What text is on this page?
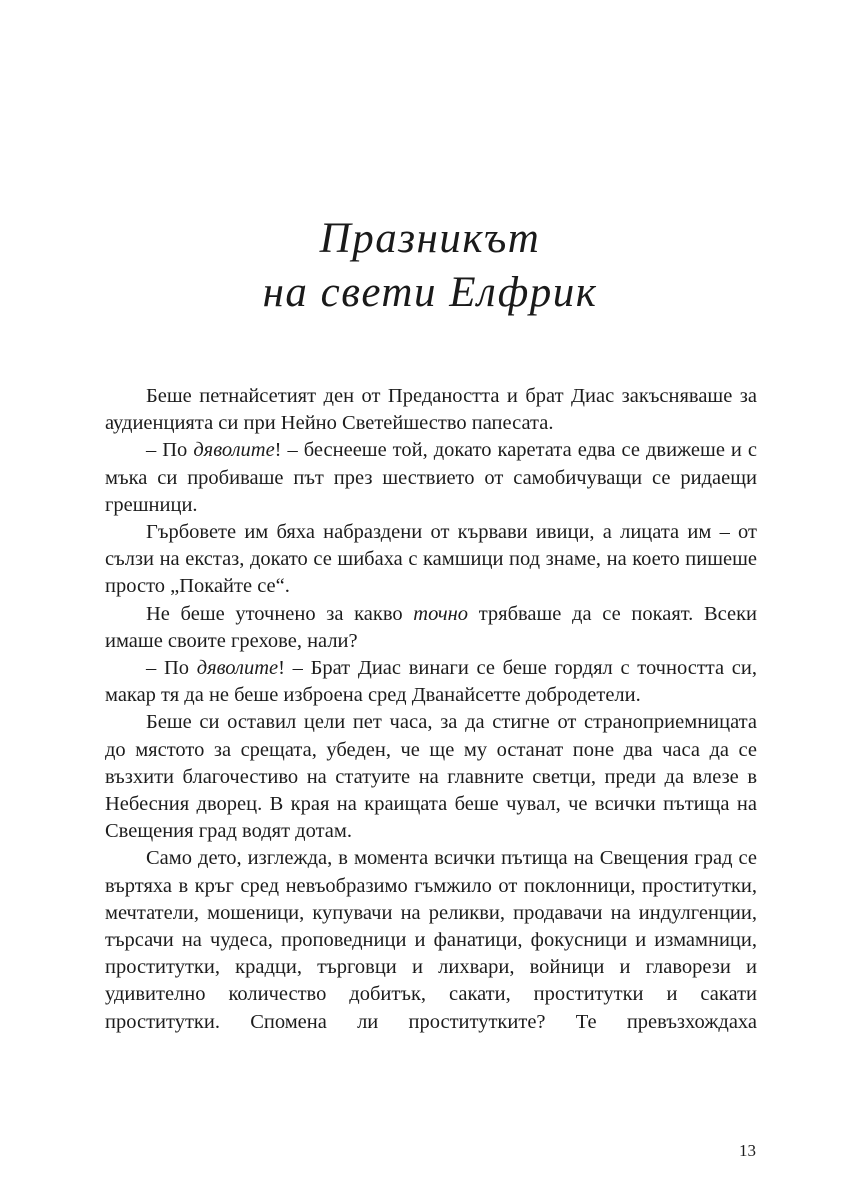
Празникът
на свети Елфрик

Беше петнайсетият ден от Предаността и брат Диас закъсняваше за аудиенцията си при Нейно Светейшество папесата.

– По дяволите! – беснееше той, докато каретата едва се движеше и с мъка си пробиваше път през шествието от самобичуващи се ридаещи грешници.

Гърбовете им бяха набраздени от кървави ивици, а лицата им – от сълзи на екстаз, докато се шибаха с камшици под знаме, на което пишеше просто „Покайте се“.

Не беше уточнено за какво точно трябваше да се покаят. Всеки имаше своите грехове, нали?

– По дяволите! – Брат Диас винаги се беше гордял с точността си, макар тя да не беше изброена сред Дванайсетте добродетели.

Беше си оставил цели пет часа, за да стигне от страноприемницата до мястото за срещата, убеден, че ще му останат поне два часа да се възхити благочестиво на статуите на главните светци, преди да влезе в Небесния дворец. В края на краищата беше чувал, че всички пътища на Свещения град водят дотам.

Само дето, изглежда, в момента всички пътища на Свещения град се въртяха в кръг сред невъобразимо гъмжило от поклонници, проститутки, мечтатели, мошеници, купувачи на реликви, продавачи на индулгенции, търсачи на чудеса, проповедници и фанатици, фокусници и измамници, проститутки, крадци, търговци и лихвари, войници и главорези и удивително количество добитък, сакати, проститутки и сакати проститутки. Спомена ли проститутките? Те превъзхождаха

13
